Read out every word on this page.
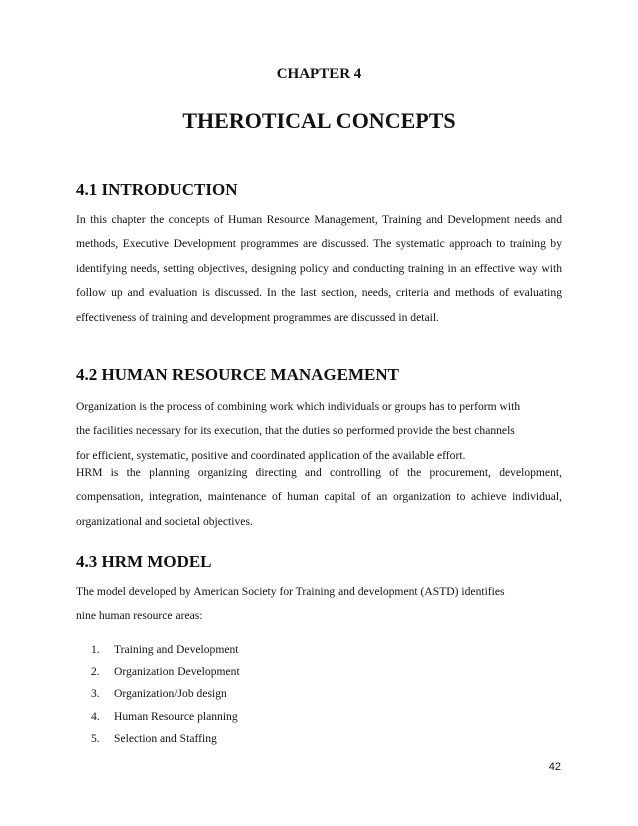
CHAPTER 4
THEROTICAL CONCEPTS
4.1 INTRODUCTION

In this chapter the concepts of Human Resource Management, Training and Development needs and methods, Executive Development programmes are discussed. The systematic approach to training by identifying needs, setting objectives, designing policy and conducting training in an effective way with follow up and evaluation is discussed. In the last section, needs, criteria and methods of evaluating effectiveness of training and development programmes are discussed in detail.

4.2 HUMAN RESOURCE MANAGEMENT

Organization is the process of combining work which individuals or groups has to perform with
the facilities necessary for its execution, that the duties so performed provide the best channels
for efficient, systematic, positive and coordinated application of the available effort.

HRM is the planning organizing directing and controlling of the procurement, development, compensation, integration, maintenance of human capital of an organization to achieve individual, organizational and societal objectives.

4.3 HRM MODEL

The model developed by American Society for Training and development (ASTD) identifies
nine human resource areas:

1.	Training and Development
2.	Organization Development
3.	Organization/Job design
4.	Human Resource planning
5.	Selection and Staffing
42
